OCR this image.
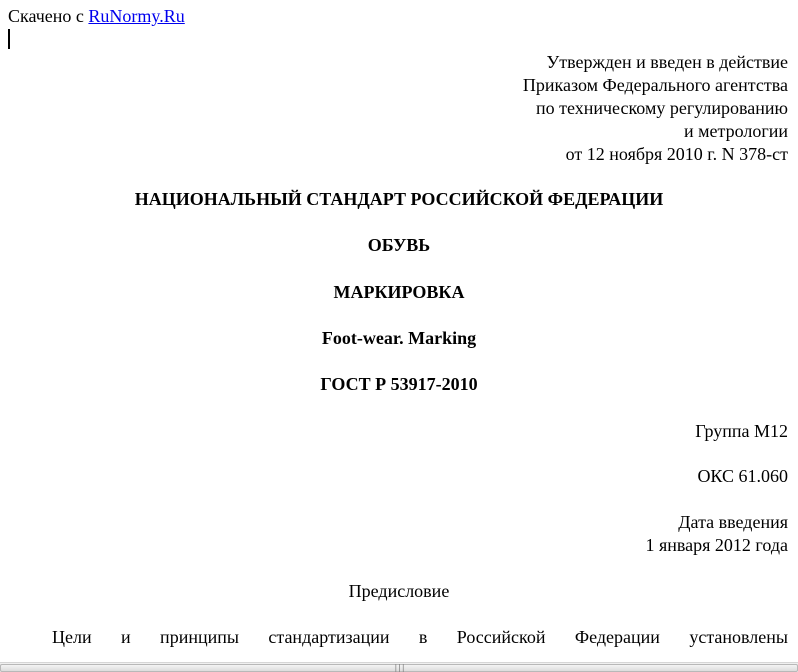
Скачено с RuNormy.Ru
Утвержден и введен в действие
Приказом Федерального агентства
по техническому регулированию
и метрологии
от 12 ноября 2010 г. N 378-ст
НАЦИОНАЛЬНЫЙ СТАНДАРТ РОССИЙСКОЙ ФЕДЕРАЦИИ
ОБУВЬ
МАРКИРОВКА
Foot-wear. Marking
ГОСТ Р 53917-2010
Группа М12
ОКС 61.060
Дата введения
1 января 2012 года
Предисловие
Цели и принципы стандартизации в Российской Федерации установлены
|||
